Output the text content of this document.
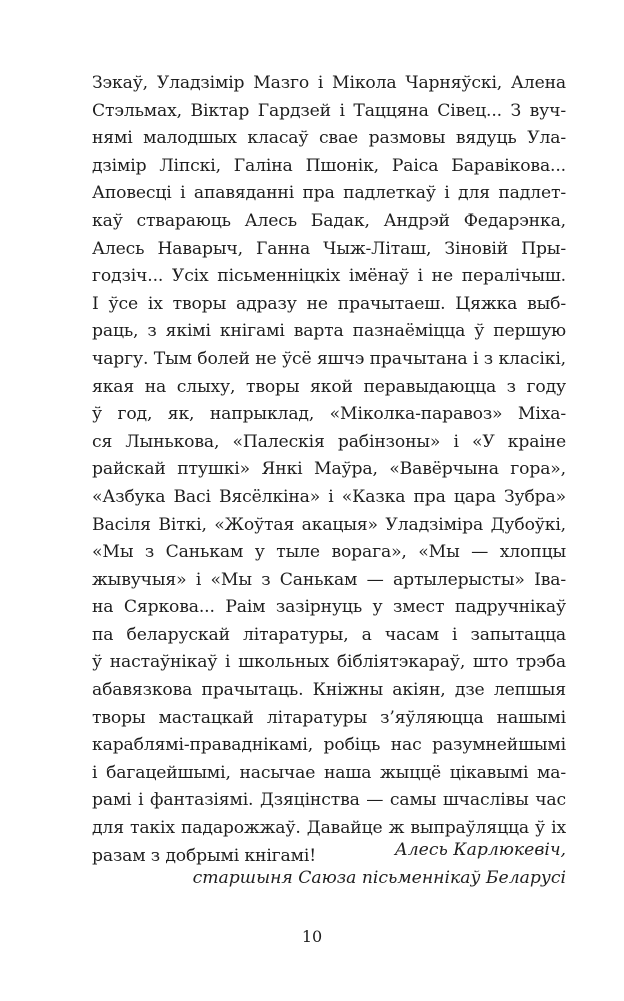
Зэкаў, Уладзімір Мазго і Мікола Чарняўскі, Алена
Стэльмах, Віктар Гардзей і Таццяна Сівец... З вуч-
нямі малодшых класаў свае размовы вядуць Ула-
дзімір Ліпскі, Галіна Пшонік, Раіса Баравікова...
Аповесці і апавяданні пра падлеткаў і для падлет-
каў ствараюць Алесь Бадак, Андрэй Федарэнка,
Алесь Наварыч, Ганна Чыж-Літаш, Зіновій Пры-
годзіч... Усіх пісьменніцкіх імёнаў і не пералічыш.
І ўсе іх творы адразу не прачытаеш. Цяжка выб-
раць, з якімі кнігамі варта пазнаёміцца ў першую
чаргу. Тым болей не ўсё яшчэ прачытана і з класікі,
якая на слыху, творы якой перавыдаюцца з году
ў год, як, напрыклад, «Міколка-паравоз» Міха-
ся Лынькова, «Палескія рабінзоны» і «У краіне
райскай птушкі» Янкі Маўра, «Вавёрчына гора»,
«Азбука Васі Вясёлкіна» і «Казка пра цара Зубра»
Васіля Віткі, «Жоўтая акацыя» Уладзіміра Дубоўкі,
«Мы з Санькам у тыле ворага», «Мы — хлопцы
жывучыя» і «Мы з Санькам — артылерысты» Іва-
на Сяркова... Раім зазірнуць у змест падручнікаў
па беларускай літаратуры, а часам і запытацца
ў настаўнікаў і школьных бібліятэкараў, што трэба
абавязкова прачытаць. Кніжны акіян, дзе лепшыя
творы мастацкай літаратуры з’яўляюцца нашымі
караблямі-праваднікамі, робіць нас разумнейшымі
і багацейшымі, насычае наша жыццё цікавымі ма-
рамі і фантазіямі. Дзяцінства — самы шчаслівы час
для такіх падарожжаў. Давайце ж выпраўляцца ў іх
разам з добрымі кнігамі!	Алесь Карлюкевіч,
старшыня Саюза пісьменнікаў Беларусі
10
